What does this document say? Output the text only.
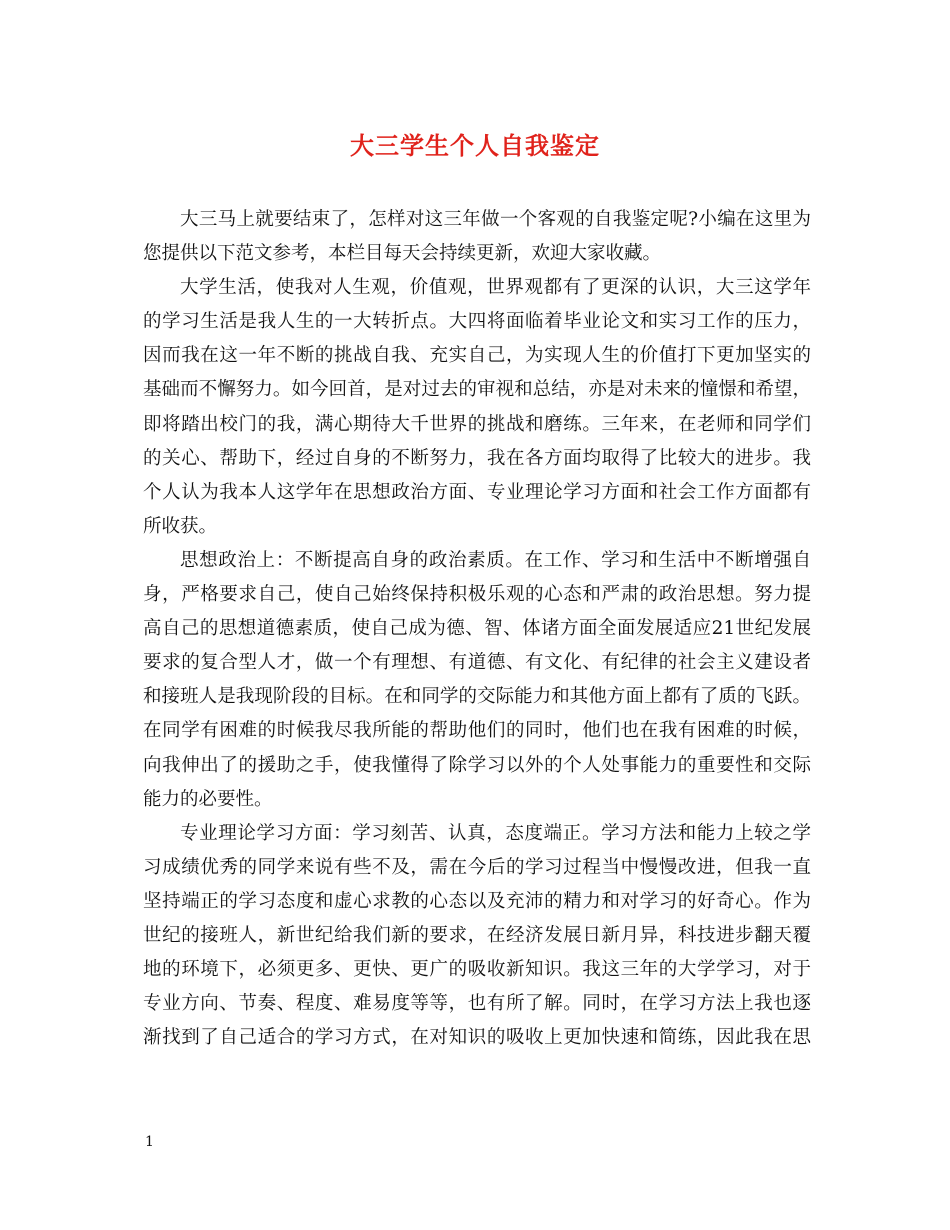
大三学生个人自我鉴定
大三马上就要结束了，怎样对这三年做一个客观的自我鉴定呢?小编在这里为
您提供以下范文参考，本栏目每天会持续更新，欢迎大家收藏。
大学生活，使我对人生观，价值观，世界观都有了更深的认识，大三这学年
的学习生活是我人生的一大转折点。大四将面临着毕业论文和实习工作的压力，
因而我在这一年不断的挑战自我、充实自己，为实现人生的价值打下更加坚实的
基础而不懈努力。如今回首，是对过去的审视和总结，亦是对未来的憧憬和希望，
即将踏出校门的我，满心期待大千世界的挑战和磨练。三年来，在老师和同学们
的关心、帮助下，经过自身的不断努力，我在各方面均取得了比较大的进步。我
个人认为我本人这学年在思想政治方面、专业理论学习方面和社会工作方面都有
所收获。
思想政治上：不断提高自身的政治素质。在工作、学习和生活中不断增强自
身，严格要求自己，使自己始终保持积极乐观的心态和严肃的政治思想。努力提
高自己的思想道德素质，使自己成为德、智、体诸方面全面发展适应21世纪发展
要求的复合型人才，做一个有理想、有道德、有文化、有纪律的社会主义建设者
和接班人是我现阶段的目标。在和同学的交际能力和其他方面上都有了质的飞跃。
在同学有困难的时候我尽我所能的帮助他们的同时，他们也在我有困难的时候，
向我伸出了的援助之手，使我懂得了除学习以外的个人处事能力的重要性和交际
能力的必要性。
专业理论学习方面：学习刻苦、认真，态度端正。学习方法和能力上较之学
习成绩优秀的同学来说有些不及，需在今后的学习过程当中慢慢改进，但我一直
坚持端正的学习态度和虚心求教的心态以及充沛的精力和对学习的好奇心。作为
世纪的接班人，新世纪给我们新的要求，在经济发展日新月异，科技进步翻天覆
地的环境下，必须更多、更快、更广的吸收新知识。我这三年的大学学习，对于
专业方向、节奏、程度、难易度等等，也有所了解。同时，在学习方法上我也逐
渐找到了自己适合的学习方式，在对知识的吸收上更加快速和简练，因此我在思
1
